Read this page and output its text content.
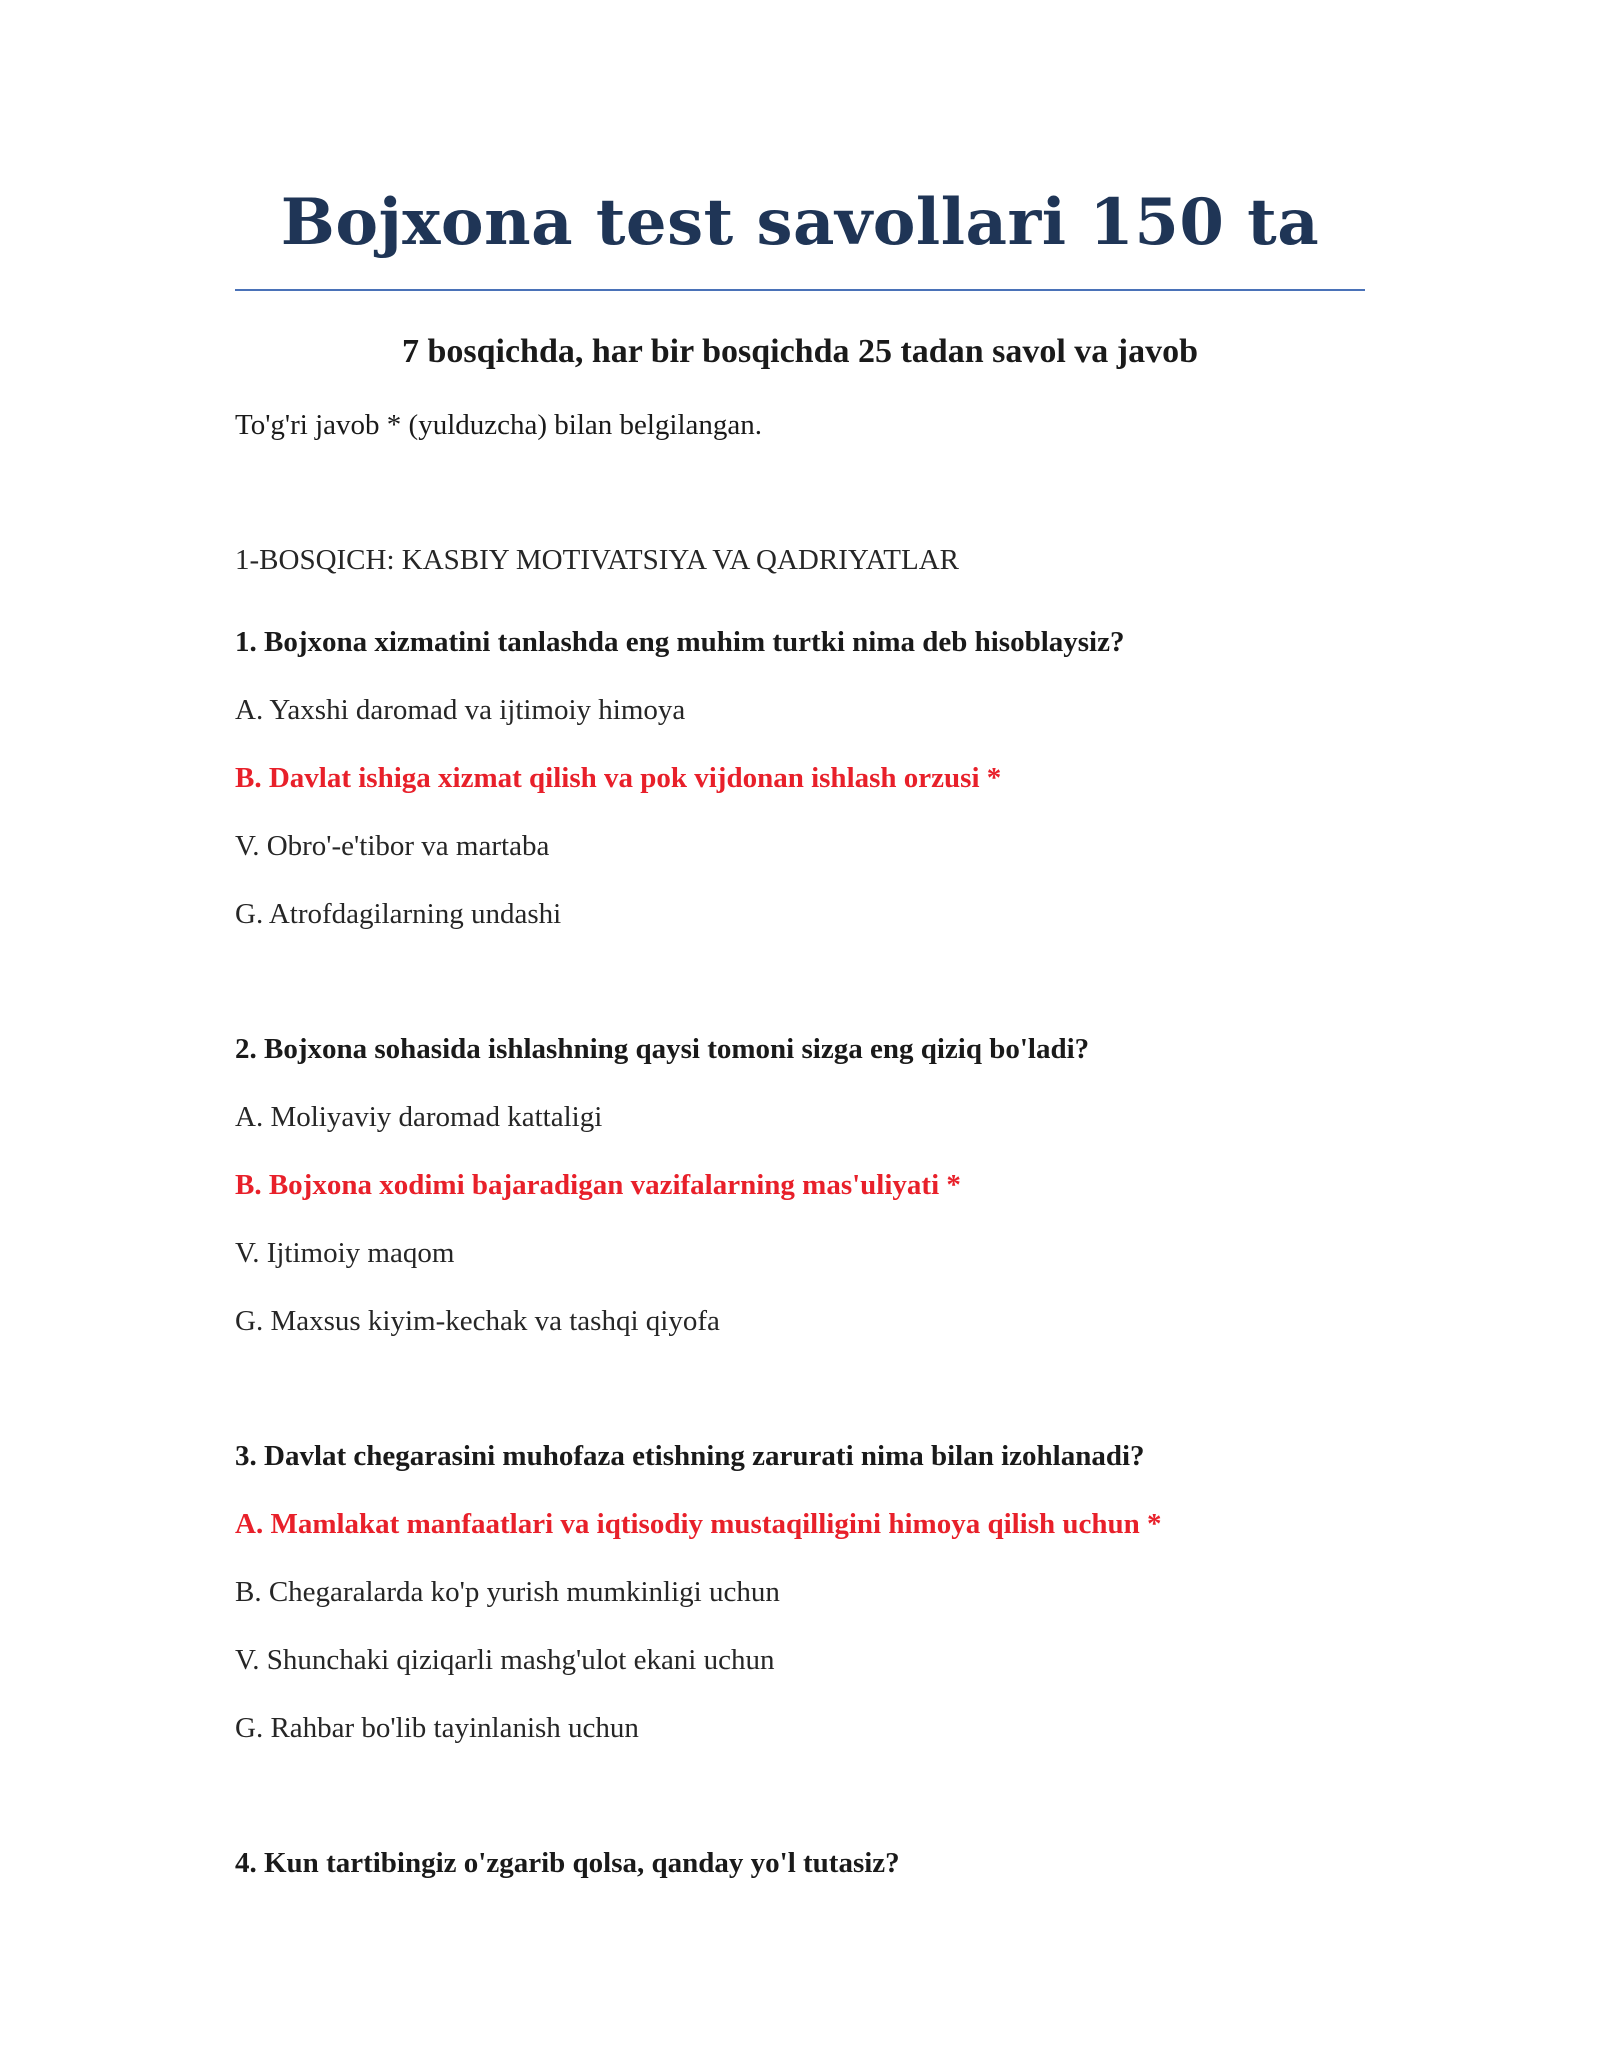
Bojxona test savollari 150 ta

7 bosqichda, har bir bosqichda 25 tadan savol va javob

To'g'ri javob * (yulduzcha) bilan belgilangan.

1-BOSQICH: KASBIY MOTIVATSIYA VA QADRIYATLAR

1. Bojxona xizmatini tanlashda eng muhim turtki nima deb hisoblaysiz?

A. Yaxshi daromad va ijtimoiy himoya

B. Davlat ishiga xizmat qilish va pok vijdonan ishlash orzusi *

V. Obro'-e'tibor va martaba

G. Atrofdagilarning undashi

2. Bojxona sohasida ishlashning qaysi tomoni sizga eng qiziq bo'ladi?

A. Moliyaviy daromad kattaligi

B. Bojxona xodimi bajaradigan vazifalarning mas'uliyati *

V. Ijtimoiy maqom

G. Maxsus kiyim-kechak va tashqi qiyofa

3. Davlat chegarasini muhofaza etishning zarurati nima bilan izohlanadi?

A. Mamlakat manfaatlari va iqtisodiy mustaqilligini himoya qilish uchun *

B. Chegaralarda ko'p yurish mumkinligi uchun

V. Shunchaki qiziqarli mashg'ulot ekani uchun

G. Rahbar bo'lib tayinlanish uchun

4. Kun tartibingiz o'zgarib qolsa, qanday yo'l tutasiz?
